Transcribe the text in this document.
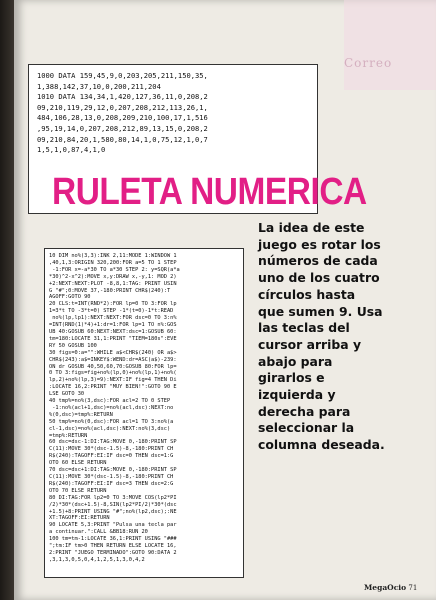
Correo
1000 DATA 159,45,9,0,203,205,211,150,35,
1,388,142,37,10,0,200,211,204
1010 DATA 134,34,1,420,127,36,11,0,208,2
09,210,119,29,12,0,207,208,212,113,26,1,
484,106,28,13,0,208,209,210,100,17,1,516
,95,19,14,0,207,208,212,89,13,15,0,208,2
09,210,84,20,1,580,80,14,1,0,75,12,1,0,7
1,5,1,0,87,4,1,0
RULETA NUMERICA
10 DIM no%(3,3):INK 2,11:MODE 1:WINDOW 1
,40,1,3:ORIGIN 320,200:FOR a=5 TO 1 STEP
-1:FOR x=-a*30 TO a*30 STEP 2: y=SQR(a*a
*30)^2-x^2):MOVE x,y:DRAW x,-y,1: MOD 2)
+2:NEXT:NEXT:PLOT -8,8,1:TAG: PRINT USIN
G "#";0:MOVE 37,-180:PRINT CHR$(240):T
AGOFF:GOTO 90
20 CLS:t=INT(RND*2):FOR lp=0 TO 3:FOR lp
1=3*t TO -3*t=0) STEP -1*(t=0)-1*t:READ
no%(lp,lp1):NEXT:NEXT:FOR dsc=0 TO 3:n%
=INT(RND(1)*4)+1:dr=1:FOR lp=1 TO n%:GOS
UB 40:GOSUB 60:NEXT:NEXT:dsc=1:GOSUB 60:
tm=180:LOCATE 31,1:PRINT "TIEM=180s":EVE
RY 50 GOSUB 100
30 figs=0:a="":WHILE a$<CHR$(240) OR a$>
CHR$(243):a$=INKEY$:WEND:dr=ASC(a$)-239:
ON dr GOSUB 40,50,60,70:GOSUB 80:FOR lp=
0 TO 3:figs=fig+no%(lp,0)+no%(lp,1)+no%(
lp,2)+no%(lp,3)=9):NEXT:IF fig=4 THEN Di
:LOCATE 16,2:PRINT "MUY BIEN!":GOTO 90 E
LSE GOTO 30
40 tmp%=no%(3,dsc):FOR acl=2 TO 0 STEP
-1:no%(acl+1,dsc)=no%(acl,dsc):NEXT:no
%(0,dsc)=tmp%:RETURN
50 tmp%=no%(0,dsc):FOR acl=1 TO 3:no%(a
cl-1,dsc)=no%(acl,dsc):NEXT:no%(3,dsc)
=tmp%:RETURN
60 dsc=dsc-1:DI:TAG:MOVE 0,-180:PRINT SP
C(11):MOVE 30*(dsc-1.5)-8,-180:PRINT CH
R$(240):TAGOFF:EI:IF dsc=0 THEN dsc=1:G
OTO 60 ELSE RETURN
70 dsc=dsc+1:DI:TAG:MOVE 0,-180:PRINT SP
C(11):MOVE 30*(dsc-1.5)-8,-180:PRINT CH
R$(240):TAGOFF:EI:IF dsc=3 THEN dsc=2:G
OTO 70 ELSE RETURN
80 DI:TAG:FOR lp2=0 TO 3:MOVE COS(lp2*PI
/2)*30*(dsc+1.5)-8,SIN(lp2*PI/2)*30*(dsc
+1.5)+8:PRINT USING "#";no%(lp2,dsc);:NE
XT:TAGOFF:EI:RETURN
90 LOCATE 5,3:PRINT "Pulsa una tecla par
a continuar.":CALL &BB18:RUN 20
100 tm=tm-1:LOCATE 36,1:PRINT USING "###
";tm:IF tm>0 THEN RETURN ELSE LOCATE 16,
2:PRINT "JUEGO TERMINADO":GOTO 90:DATA 2
,3,1,3,0,5,0,4,1,2,5,1,3,0,4,2
La idea de este
juego es rotar los
números de cada
uno de los cuatro
círculos hasta
que sumen 9. Usa
las teclas del
cursor arriba y
abajo para
girarlos e
izquierda y
derecha para
seleccionar la
columna deseada.
MegaOcio 71
